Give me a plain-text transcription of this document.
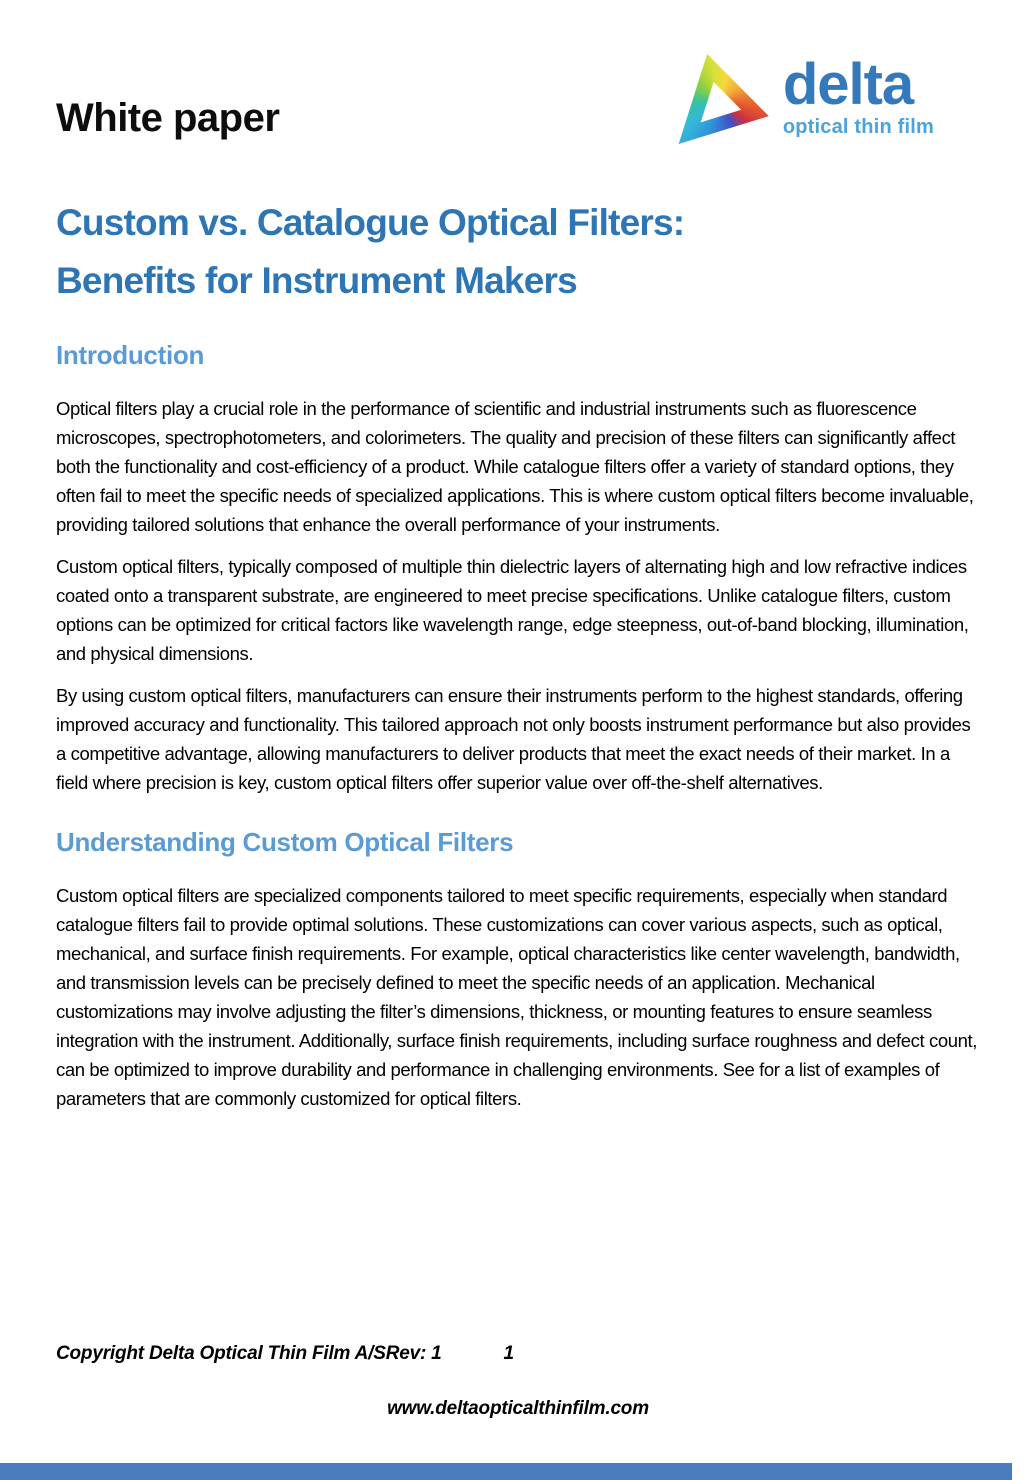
White paper
delta
optical thin film
Custom vs. Catalogue Optical Filters:
Benefits for Instrument Makers
Introduction

Optical filters play a crucial role in the performance of scientific and industrial instruments such as fluorescence microscopes, spectrophotometers, and colorimeters. The quality and precision of these filters can significantly affect both the functionality and cost-efficiency of a product. While catalogue filters offer a variety of standard options, they often fail to meet the specific needs of specialized applications. This is where custom optical filters become invaluable, providing tailored solutions that enhance the overall performance of your instruments.

Custom optical filters, typically composed of multiple thin dielectric layers of alternating high and low refractive indices coated onto a transparent substrate, are engineered to meet precise specifications. Unlike catalogue filters, custom options can be optimized for critical factors like wavelength range, edge steepness, out-of-band blocking, illumination, and physical dimensions.

By using custom optical filters, manufacturers can ensure their instruments perform to the highest standards, offering improved accuracy and functionality. This tailored approach not only boosts instrument performance but also provides a competitive advantage, allowing manufacturers to deliver products that meet the exact needs of their market. In a field where precision is key, custom optical filters offer superior value over off-the-shelf alternatives.

Understanding Custom Optical Filters

Custom optical filters are specialized components tailored to meet specific requirements, especially when standard catalogue filters fail to provide optimal solutions. These customizations can cover various aspects, such as optical, mechanical, and surface finish requirements. For example, optical characteristics like center wavelength, bandwidth, and transmission levels can be precisely defined to meet the specific needs of an application. Mechanical customizations may involve adjusting the filter’s dimensions, thickness, or mounting features to ensure seamless integration with the instrument. Additionally, surface finish requirements, including surface roughness and defect count, can be optimized to improve durability and performance in challenging environments. See for a list of examples of parameters that are commonly customized for optical filters.

Copyright Delta Optical Thin Film A/SRev: 1	1
www.deltaopticalthinfilm.com
